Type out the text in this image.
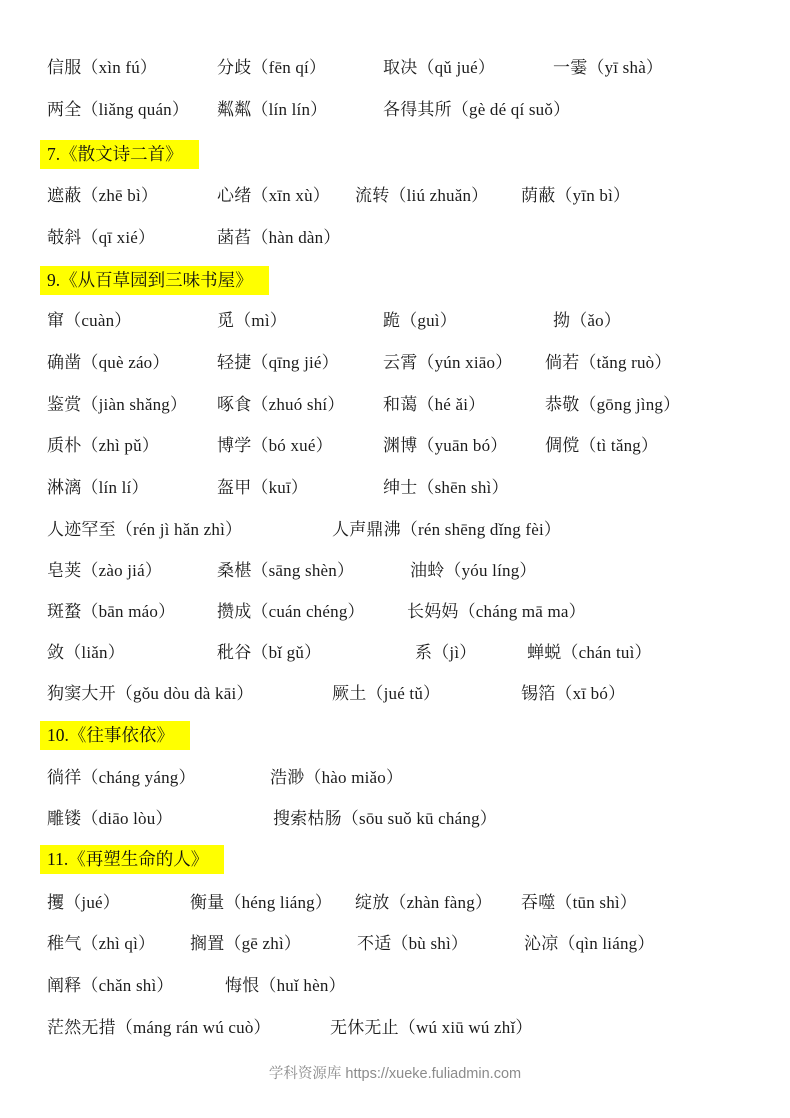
信服（xìn fú）	分歧（fēn qí）	取决（qǔ jué）	一霎（yī shà）
两全（liǎng quán） 粼粼（lín lín）	各得其所（gè dé qí suǒ）
7.《散文诗二首》
遮蔽（zhē bì）	心绪（xīn xù） 流转（liú zhuǎn） 荫蔽（yīn bì）
攲斜（qī xié）	菡萏（hàn dàn）
9.《从百草园到三味书屋》
窜（cuàn）	觅（mì）	跪（guì）	拗（ǎo）
确凿（què záo）	轻捷（qīng jié）	云霄（yún xiāo） 倘若（tǎng ruò）
鉴赏（jiàn shǎng） 啄食（zhuó shí） 和蔼（hé ǎi）	恭敬（gōng jìng）
质朴（zhì pǔ）	博学（bó xué）	渊博（yuān bó） 倜傥（tì tǎng）
淋漓（lín lí）	盔甲（kuī）	绅士（shēn shì）
人迹罕至（rén jì hǎn zhì）	人声鼎沸（rén shēng dǐng fèi）
皂荚（zào jiá）	桑椹（sāng shèn）	油蛉（yóu líng）
斑蝥（bān máo） 攒成（cuán chéng） 长妈妈（cháng mā ma）
敛（liǎn）	秕谷（bǐ gǔ）	系（jì）	蝉蜕（chán tuì）
狗窦大开（gǒu dòu dà kāi）	厥土（jué tǔ）	锡箔（xī bó）
10.《往事依依》
徜徉（cháng yáng）	浩渺（hào miǎo）
雕镂（diāo lòu）	搜索枯肠（sōu suǒ kū cháng）
11.《再塑生命的人》
攫（jué）	衡量（héng liáng） 绽放（zhàn fàng） 吞噬（tūn shì）
稚气（zhì qì） 搁置（gē zhì）	不适（bù shì）	沁凉（qìn liáng）
阐释（chǎn shì）	悔恨（huǐ hèn）
茫然无措（máng rán wú cuò）	无休无止（wú xiū wú zhǐ）
学科资源库 https://xueke.fuliadmin.com
